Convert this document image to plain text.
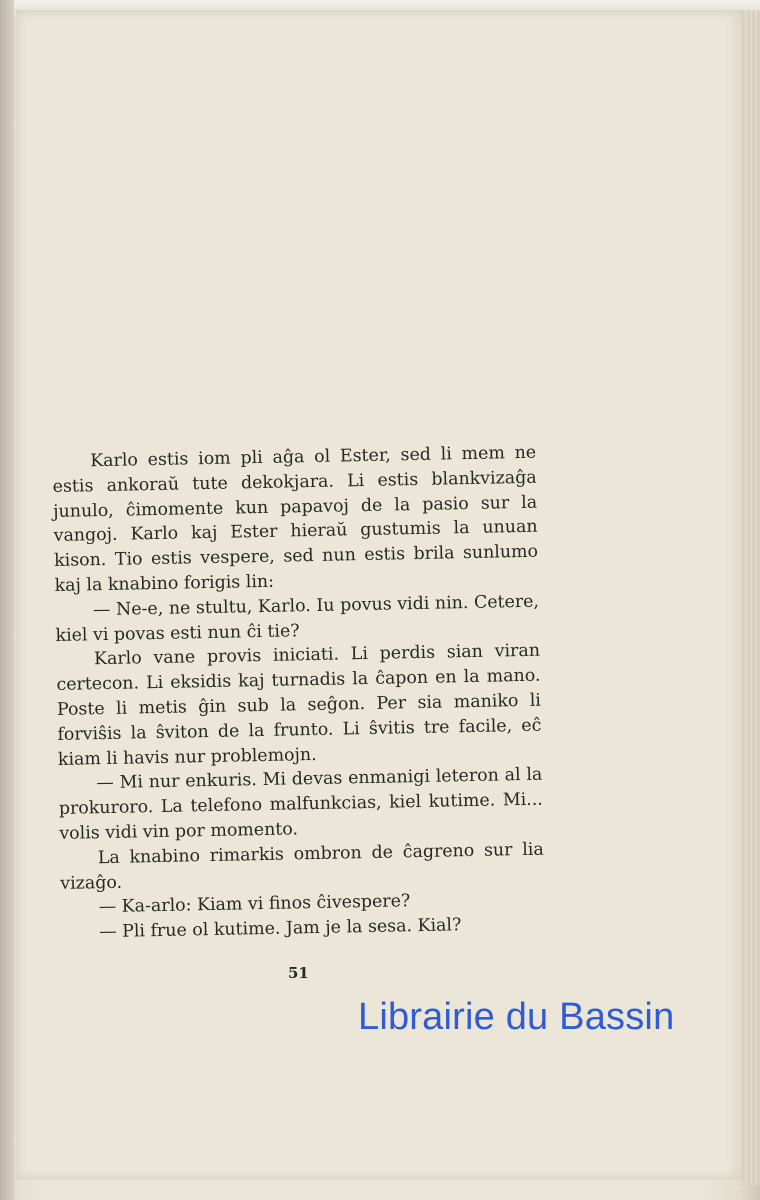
Karlo estis iom pli aĝa ol Ester, sed li mem ne estis ankoraŭ tute dekokjara. Li estis blankvizaĝa junulo, ĉimomente kun papavoj de la pasio sur la vangoj. Karlo kaj Ester hieraŭ gustumis la unuan kison. Tio estis vespere, sed nun estis brila sunlumo kaj la knabino forigis lin:

— Ne-e, ne stultu, Karlo. Iu povus vidi nin. Cetere, kiel vi povas esti nun ĉi tie?

Karlo vane provis iniciati. Li perdis sian viran certecon. Li eksidis kaj turnadis la ĉapon en la mano. Poste li metis ĝin sub la seĝon. Per sia maniko li forviŝis la ŝviton de la frunto. Li ŝvitis tre facile, eĉ kiam li havis nur problemojn.

— Mi nur enkuris. Mi devas enmanigi leteron al la prokuroro. La telefono malfunkcias, kiel kutime. Mi... volis vidi vin por momento.

La knabino rimarkis ombron de ĉagreno sur lia vizaĝo.

— Ka-arlo: Kiam vi finos ĉivespere?

— Pli frue ol kutime. Jam je la sesa. Kial?

51
Librairie du Bassin
